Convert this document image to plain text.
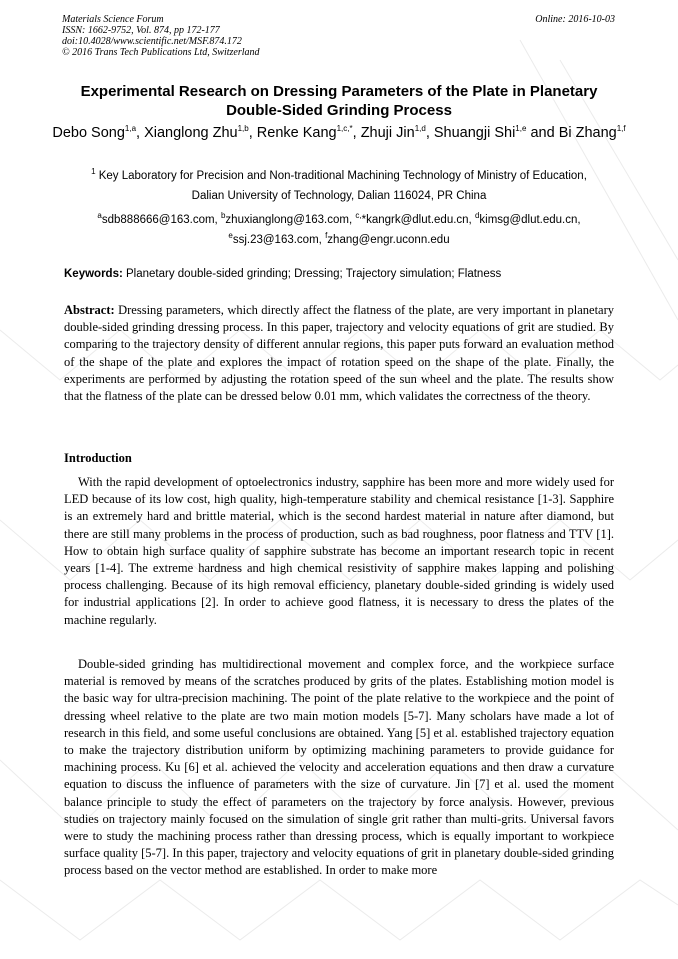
Materials Science Forum
ISSN: 1662-9752, Vol. 874, pp 172-177
doi:10.4028/www.scientific.net/MSF.874.172
© 2016 Trans Tech Publications Ltd, Switzerland
Online: 2016-10-03
Experimental Research on Dressing Parameters of the Plate in Planetary
Double-Sided Grinding Process
Debo Song$^{1,a}$, Xianglong Zhu$^{1,b}$, Renke Kang$^{1,c,*}$, Zhuji Jin$^{1,d}$, Shuangji Shi$^{1,e}$ and Bi Zhang$^{1,f}$
$^1$ Key Laboratory for Precision and Non-traditional Machining Technology of Ministry of Education,
Dalian University of Technology, Dalian 116024, PR China
$^a$sdb888666@163.com, $^b$zhuxianglong@163.com, $^{c,}$*kangrk@dlut.edu.cn, $^d$kimsg@dlut.edu.cn,
$^e$ssj.23@163.com, $^f$zhang@engr.uconn.edu
Keywords: Planetary double-sided grinding; Dressing; Trajectory simulation; Flatness
Abstract: Dressing parameters, which directly affect the flatness of the plate, are very important in planetary double-sided grinding dressing process. In this paper, trajectory and velocity equations of grit are studied. By comparing to the trajectory density of different annular regions, this paper puts forward an evaluation method of the shape of the plate and explores the impact of rotation speed on the shape of the plate. Finally, the experiments are performed by adjusting the rotation speed of the sun wheel and the plate. The results show that the flatness of the plate can be dressed below 0.01 mm, which validates the correctness of the theory.
Introduction

With the rapid development of optoelectronics industry, sapphire has been more and more widely used for LED because of its low cost, high quality, high-temperature stability and chemical resistance [1-3]. Sapphire is an extremely hard and brittle material, which is the second hardest material in nature after diamond, but there are still many problems in the process of production, such as bad roughness, poor flatness and TTV [1]. How to obtain high surface quality of sapphire substrate has become an important research topic in recent years [1-4]. The extreme hardness and high chemical resistivity of sapphire makes lapping and polishing process challenging. Because of its high removal efficiency, planetary double-sided grinding is widely used for industrial applications [2]. In order to achieve good flatness, it is necessary to dress the plates of the machine regularly.

Double-sided grinding has multidirectional movement and complex force, and the workpiece surface material is removed by means of the scratches produced by grits of the plates. Establishing motion model is the basic way for ultra-precision machining. The point of the plate relative to the workpiece and the point of dressing wheel relative to the plate are two main motion models [5-7]. Many scholars have made a lot of research in this field, and some useful conclusions are obtained. Yang [5] et al. established trajectory equation to make the trajectory distribution uniform by optimizing machining parameters to provide guidance for machining process. Ku [6] et al. achieved the velocity and acceleration equations and then draw a curvature equation to discuss the influence of parameters with the size of curvature. Jin [7] et al. used the moment balance principle to study the effect of parameters on the trajectory by force analysis. However, previous studies on trajectory mainly focused on the simulation of single grit rather than multi-grits. Universal favors were to study the machining process rather than dressing process, which is equally important to workpiece surface quality [5-7]. In this paper, trajectory and velocity equations of grit in planetary double-sided grinding process based on the vector method are established. In order to make more
